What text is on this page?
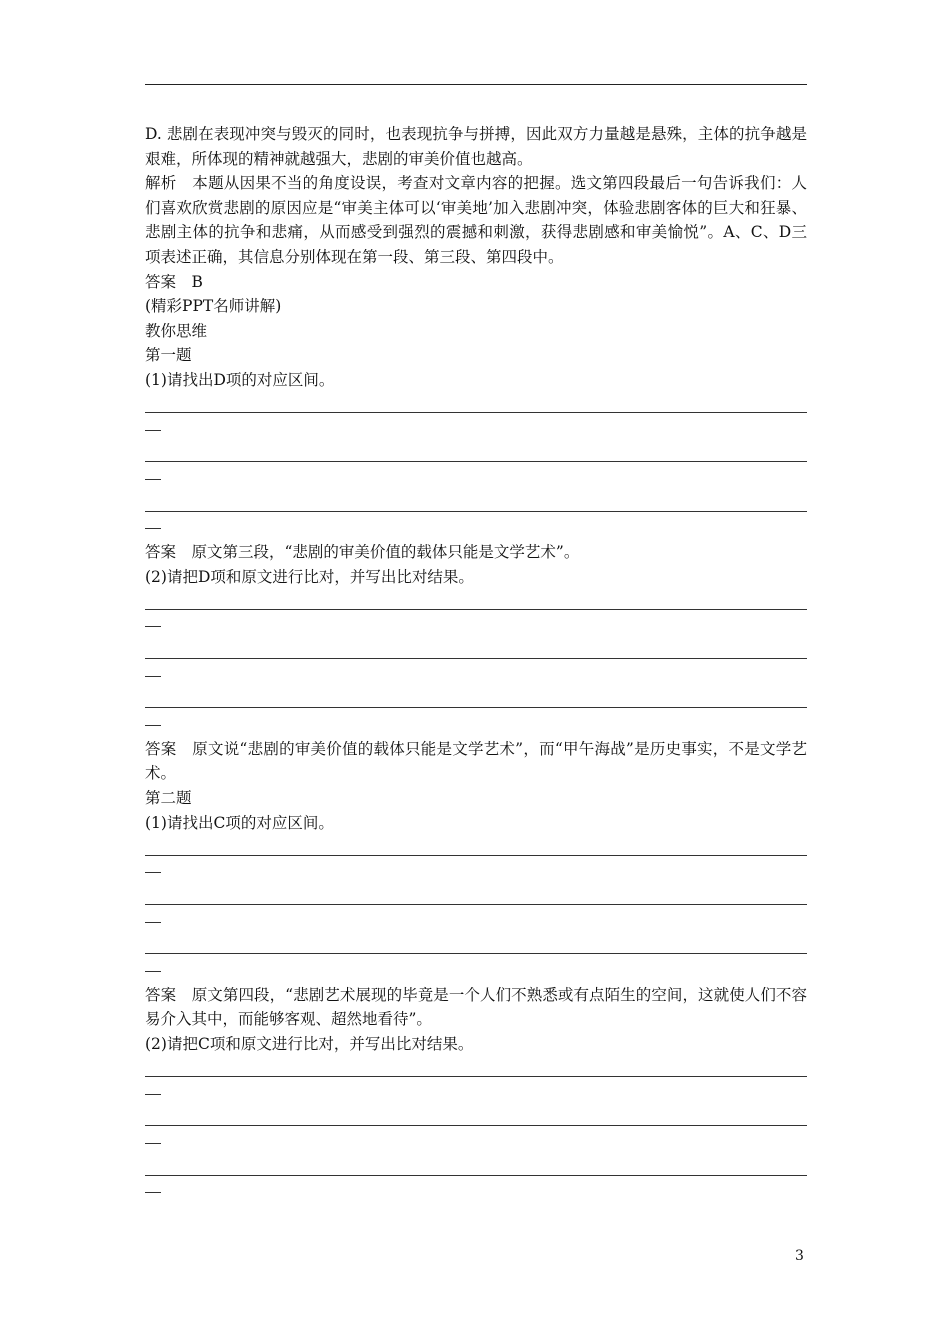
D. 悲剧在表现冲突与毁灭的同时，也表现抗争与拼搏，因此双方力量越是悬殊，主体的抗争越是艰难，所体现的精神就越强大，悲剧的审美价值也越高。

解析　本题从因果不当的角度设误，考查对文章内容的把握。选文第四段最后一句告诉我们：人们喜欢欣赏悲剧的原因应是“审美主体可以‘审美地’加入悲剧冲突，体验悲剧客体的巨大和狂暴、悲剧主体的抗争和悲痛，从而感受到强烈的震撼和刺激，获得悲剧感和审美愉悦”。A、C、D三项表述正确，其信息分别体现在第一段、第三段、第四段中。

答案　B

(精彩PPT名师讲解)

教你思维

第一题

(1)请找出D项的对应区间。

答案　原文第三段，“悲剧的审美价值的载体只能是文学艺术”。

(2)请把D项和原文进行比对，并写出比对结果。

答案　原文说“悲剧的审美价值的载体只能是文学艺术”，而“甲午海战”是历史事实，不是文学艺术。

第二题

(1)请找出C项的对应区间。

答案　原文第四段，“悲剧艺术展现的毕竟是一个人们不熟悉或有点陌生的空间，这就使人们不容易介入其中，而能够客观、超然地看待”。

(2)请把C项和原文进行比对，并写出比对结果。

3
